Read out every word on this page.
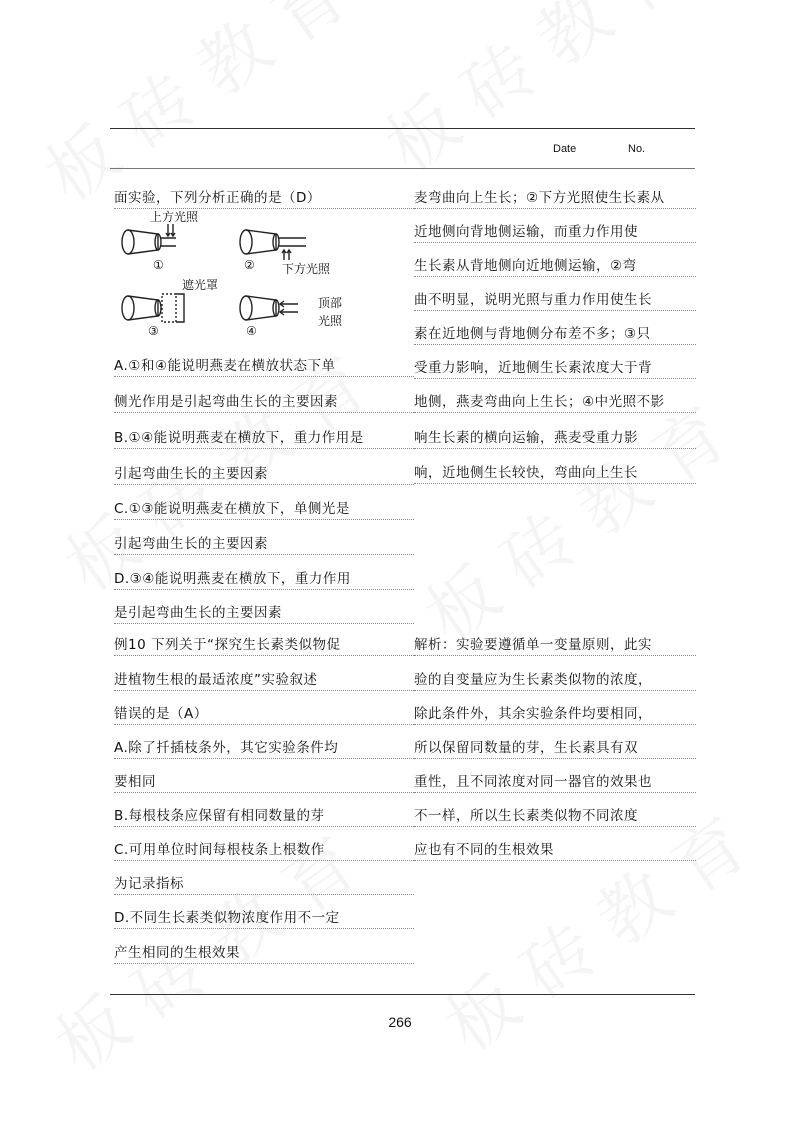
Date	No.
面实验，下列分析正确的是（D）
上方光照
①	② 下方光照
遮光罩
顶部
光照
③	④
A.①和④能说明燕麦在横放状态下单
侧光作用是引起弯曲生长的主要因素
B.①④能说明燕麦在横放下，重力作用是
引起弯曲生长的主要因素
C.①③能说明燕麦在横放下，单侧光是
引起弯曲生长的主要因素
D.③④能说明燕麦在横放下，重力作用
是引起弯曲生长的主要因素
例10 下列关于“探究生长素类似物促
进植物生根的最适浓度”实验叙述
错误的是（A）
A.除了扦插枝条外，其它实验条件均
要相同
B.每根枝条应保留有相同数量的芽
C.可用单位时间每根枝条上根数作
为记录指标
D.不同生长素类似物浓度作用不一定
产生相同的生根效果
麦弯曲向上生长；②下方光照使生长素从
近地侧向背地侧运输，而重力作用使
生长素从背地侧向近地侧运输，②弯
曲不明显，说明光照与重力作用使生长
素在近地侧与背地侧分布差不多；③只
受重力影响，近地侧生长素浓度大于背
地侧，燕麦弯曲向上生长；④中光照不影
响生长素的横向运输，燕麦受重力影
响，近地侧生长较快，弯曲向上生长
解析：实验要遵循单一变量原则，此实
验的自变量应为生长素类似物的浓度，
除此条件外，其余实验条件均要相同，
所以保留同数量的芽，生长素具有双
重性，且不同浓度对同一器官的效果也
不一样，所以生长素类似物不同浓度
应也有不同的生根效果
266
